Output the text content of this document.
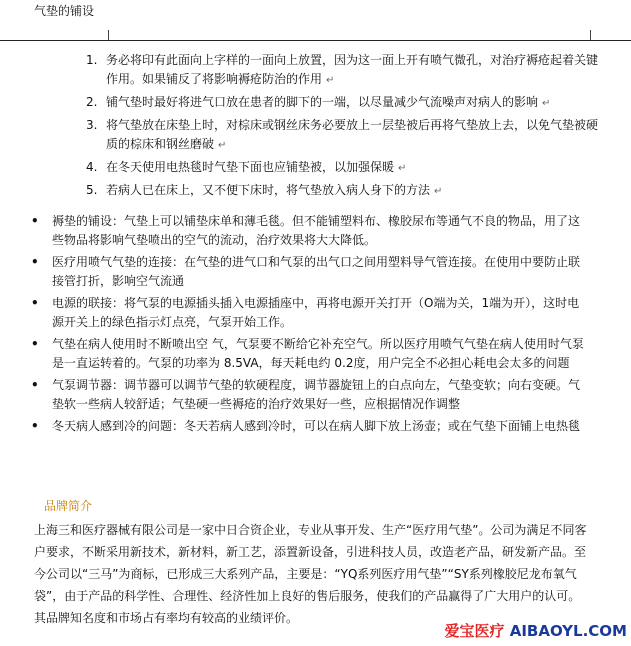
气垫的铺设
1. 务必将印有此面向上字样的一面向上放置，因为这一面上开有喷气微孔，对治疗褥疮起着关键作用。如果铺反了将影响褥疮防治的作用 ↵
2. 铺气垫时最好将进气口放在患者的脚下的一端，以尽量减少气流噪声对病人的影响 ↵
3. 将气垫放在床垫上时，对棕床或钢丝床务必要放上一层垫被后再将气垫放上去，以免气垫被硬质的棕床和钢丝磨破 ↵
4. 在冬天使用电热毯时气垫下面也应铺垫被，以加强保暖 ↵
5. 若病人已在床上，又不便下床时，将气垫放入病人身下的方法 ↵
•	褥垫的铺设：气垫上可以铺垫床单和薄毛毯。但不能铺塑料布、橡胶尿布等通气不良的物品，用了这些物品将影响气垫喷出的空气的流动，治疗效果将大大降低。
•	医疗用喷气气垫的连接：在气垫的进气口和气泵的出气口之间用塑料导气管连接。在使用中要防止联接管打折，影响空气流通
•	电源的联接：将气泵的电源插头插入电源插座中，再将电源开关打开（O端为关，1端为开），这时电源开关上的绿色指示灯点亮，气泵开始工作。
•	气垫在病人使用时不断喷出空 气，气泵要不断给它补充空气。所以医疗用喷气气垫在病人使用时气泵是一直运转着的。气泵的功率为 8.5VA，每天耗电约 0.2度，用户完全不必担心耗电会太多的问题
•	气泵调节器：调节器可以调节气垫的软硬程度，调节器旋钮上的白点向左，气垫变软；向右变硬。气垫软一些病人较舒适；气垫硬一些褥疮的治疗效果好一些，应根据情况作调整
•	冬天病人感到冷的问题：冬天若病人感到冷时，可以在病人脚下放上汤壶；或在气垫下面铺上电热毯
品牌简介
上海三和医疗器械有限公司是一家中日合资企业，专业从事开发、生产“医疗用气垫”。公司为满足不同客户要求，不断采用新技术，新材料，新工艺，添置新设备，引进科技人员，改造老产品，研发新产品。至今公司以“三马”为商标，已形成三大系列产品，主要是：“YQ系列医疗用气垫”“SY系列橡胶尼龙布氧气袋”，由于产品的科学性、合理性、经济性加上良好的售后服务，使我们的产品赢得了广大用户的认可。其品牌知名度和市场占有率均有较高的业绩评价。
爱宝医疗 AIBAOYL.COM
